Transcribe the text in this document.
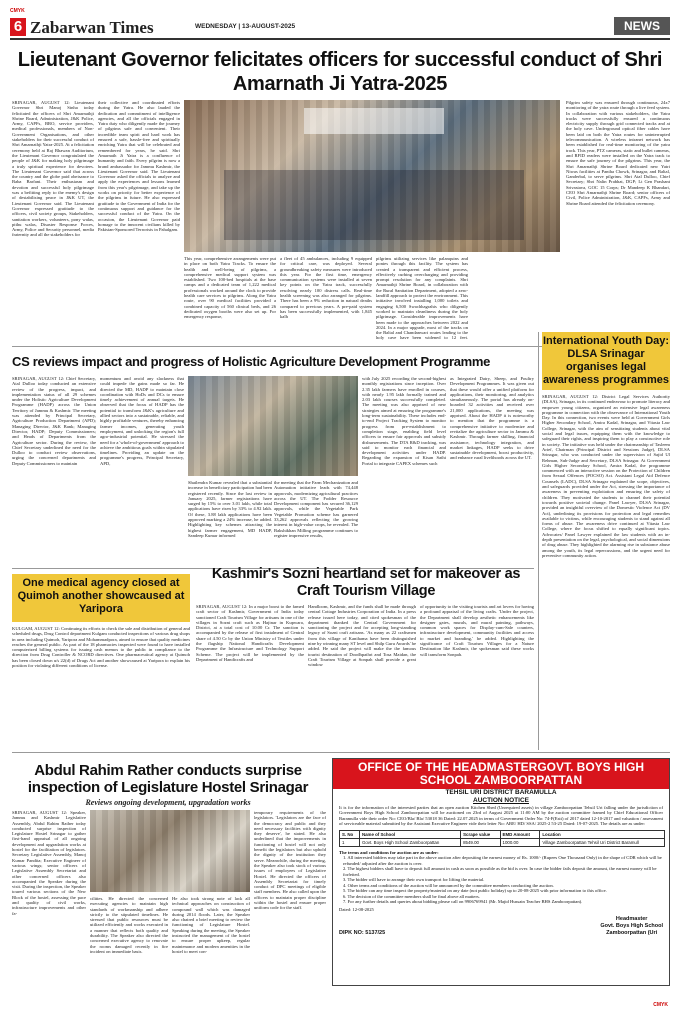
CMYK
6 Zabarwan Times	WEDNESDAY | 13-AUGUST-2025	NEWS
Lieutenant Governor felicitates officers for successful conduct of Shri Amarnath Ji Yatra-2025
SRINAGAR, AUGUST 12: Lieutenant Governor Shri Manoj Sinha today felicitated the officers of Shri Amarnathji Shrine Board, Administration, J&K Police, Army, CAPFs, BRO, service providers, medical professionals, members of Non-Government Organisations, and other stakeholders for their successful conduct of Shri Amarnathji Yatra-2025. At a felicitation ceremony held at Raj Bhawan Auditorium, the Lieutenant Governor congratulated the people of J&K for making holy pilgrimage a truly spiritual experience for devotees. The Lieutenant Governor said that across the country and the globe paid obeisance to Baba Barfani. Their enthusiasm and devotion and successful holy pilgrimage was a befitting reply to the enemy's design of destabilising peace in J&K UT, the Lieutenant Governor said. The Lieutenant Governor expressed gratitude to the officers, civil society groups, Stakeholders, sanitation workers, volunteers, pony walas, pithu walas, Disaster Response Forces, Army, Police and Security personnel, media fraternity and all the stakeholders for
their collective and coordinated efforts during the Yatra. He also lauded the dedication and commitment of intelligence agencies, and all the officials engaged in Yatra duty who diligently made the journey of pilgrims safe and convenient. Their incredible team spirit and hard work has ensured a safe, hassle-free and spiritually enriching Yatra that will be celebrated and remembered for years, he said. Shri Amarnath Ji Yatra is a confluence of humanity and faith. Every pilgrim is now a brand ambassador for Jammu Kashmir, the Lieutenant Governor said. The Lieutenant Governor asked the officials to analyze and apply the experiences and lessons learned from this year's pilgrimage, and take up the works on priority for better experience of the pilgrims in future. He also expressed gratitude to the Government of India for the continuous support and guidance for the successful conduct of the Yatra. On the occasion, the Lieutenant Governor paid homage to the innocent civilians killed by Pakistan-Sponsored Terrorists in Pahalgam.
This year, comprehensive arrangements were put in place on both Yatra Tracks. To ensure the health and well-being of pilgrims, a comprehensive medical support system was established. Two 100-bed hospitals at the base camps and a dedicated team of 1,222 medical professionals worked around the clock to provide health care services to pilgrims. Along the Yatra route, over 90 medical facilities provided a combined capacity of 560 clinical beds, and 26 dedicated oxygen booths were also set up. For emergency response,
a fleet of 45 ambulances, including 9 equipped for critical care, was deployed. Several groundbreaking safety measures were introduced this year. For the first time, emergency communication systems were installed at seven key points on the Yatra track, successfully resolving nearly 100 distress calls. Real-time health screening was also arranged for pilgrims. There has been a 9% reduction in natural deaths compared to previous years. A pre-paid system has been successfully implemented, with 1,845 kalh
pilgrims utilizing services like palanquins and ponies through this facility. The system has created a transparent and efficient process, effectively curbing overcharging and providing prompt resolution for any complaints. Shri Amarnathji Shrine Board, in collaboration with the Rural Sanitation Department, adopted a zero-landfill approach to protect the environment. This initiative involved installing 1,000 toilets and engaging 6,500 Swachhagrahis who diligently worked to maintain cleanliness during the holy pilgrimage. Considerable improvements have been made to the approaches between 2022 and 2024. In a major upgrade, most of the tracks on the Baltal and Chandanwari routes leading to the holy cave have been widened to 12 feet.
Pilgrim safety was ensured through continuous, 24x7 monitoring of the yatra route through a live feed system. In collaboration with various stakeholders, the Yatra tracks were successfully ensured a continuous electricity supply through grid connected tracks and at the holy cave. Underground optical fiber cables have been laid on both the Yatra routes for uninterrupted telecommunication. A wireless intranet network has been established for real-time monitoring of the yatra track. This year, PTZ cameras, static and bullet cameras, and RFID readers were installed on the Yatra track to ensure the safe journey of the pilgrims. This year, the Shri Amarnathji Shrine Board dedicated new Yatri Niwas facilities at Pantha Chowk, Srinagar, and Baltal, Ganderbal, to serve pilgrims. Shri Atal Dulloo, Chief Secretary; Shri Nalin Prabhat, DGP; Lt Gen Prashant Srivastava, GOC 15 Corps; Dr Mandeep K Bhandari, CEO Shri Amarnathji Shrine Board; senior officers of Civil, Police Administration, J&K, CAPFs, Army and Shrine Board attended the felicitation ceremony.
CS reviews impact and progress of Holistic Agriculture Development Programme
SRINAGAR, AUGUST 12: Chief Secretary, Atal Dulloo today conducted an extensive review of the progress, impact, and implementation status of all 29 schemes under the Holistic Agriculture Development Programme (HADP) across the Union Territory of Jammu & Kashmir. The meeting was attended by Principal Secretary, Agriculture Production Department (APD); Managing Director, J&K Bank; Managing Director, HADP; Deputy Commissioners; and Heads of Departments from the Agriculture sector. During the review, the Chief Secretary underlined the need for the Dulloo to conduct review observations, urging the concerned departments and Deputy Commissioners to maintain
momentum and avoid any slackness that could impede the gains made so far. He directed the MD, HADP to maintain close coordination with HoDs and DCs to ensure timely achievement of annual targets. He observed that the focus of HADP has the potential to transform J&K's agriculture and allied sectors into a sustainable, reliable, and highly profitable ventures, thereby enhancing farmer incomes, generating youth employment, and unlocking the region's full agro-industrial potential. He stressed the need for a 'whole-of-government' approach to achieve the ambitious goals within stipulated timelines. Providing an update on the programme's progress, Principal Secretary, APD,
Shailendra Kumar revealed that a substantial increase in beneficiary participation had been registered recently. Since the last review in January 2025, farmer registrations have surged by 15% to over 3.01 lakh, while total applications have risen by 33% to 4.92 lakh. Of these, 3.88 lakh applications have been approved marking a 24% increase, he added. Highlighting key schemes attracting the highest farmer engagement, MD HADP, Sandeep Kumar informed
the meeting that the Farm Mechanization and Automation initiative leads with 74,448 approvals, modernizing agricultural practices across the UT. The Fodder Resource Development component has secured 36,129 approvals, while the Vegetable Park Vegetable Promotion scheme has garnered 33,262 approvals reflecting the growing interest in high-value crops, he revealed. The Bakshikhan Milling programme continues to register impressive results,
with July 2025 recording the second-highest monthly registrations since inception. Over 2.35 lakh farmers have enrolled in courses, with nearly 1.95 lakh formally trained and 2.03 lakh courses successfully completed. The meeting was also apprised of new strategies aimed at ensuring the programme's long-term sustainability. These includes end-to-end Project Tracking System to monitor progress from pre-establishment to completion stage, enabling field level officers to ensure fair approvals and subsidy disbursements. The DTA R&D tracking, was said to monitor each financial and development activities under HADP. Regarding the expansion of Kisan Sathi Portal to integrate CAPEX schemes such
as Integrated Dairy, Sheep, and Poultry Development Programmes. It was given out that these would offer a unified platform for applications, their monitoring, and analytics simultaneously. The portal has already on-boarded 32 activities and received over 21,000 applications, the meeting was apprised. About the HADP it is noteworthy to mention that the programme is a comprehensive initiative to modernize and revitalize the agriculture sector in Jammu & Kashmir. Through farmer skilling, financial assistance, technology integration, and market linkages, HADP seeks to drive sustainable development, boost productivity, and enhance rural livelihoods across the UT.
International Youth Day: DLSA Srinagar organises legal awareness programmes
SRINAGAR, AUGUST 12: District Legal Services Authority (DLSA), Srinagar, in its continued endeavour to promote literacy and empower young citizens, organized an extensive legal awareness programme in connection with the observance of International Youth Day. In this connection, two events were held at Government Girls Higher Secondary School, Amira Kadal, Srinagar, and Vitasta Law College, Srinagar, with the aim of sensitizing students about vital social and legal issues, equipping them with the knowledge to safeguard their rights, and inspiring them to play a constructive role in society. The initiative was held under the chairmanship of Tasleem Arief, Chairman (Principal District and Sessions Judge), DLSA Srinagar, who was conducted under the supervision of Sajid Ul Rehman, Sub-Judge and Secretary, DLSA Srinagar. At Government Girls Higher Secondary School, Amira Kadal, the programme commenced with an interactive session on the Protection of Children from Sexual Offences (POCSO) Act. Assistant Legal Aid Defence Counsels (LADC), DLSA Srinagar explained the scope, objectives, and safeguards provided under the Act, stressing the importance of awareness in preventing exploitation and ensuring the safety of children. They motivated the students to channel their potential towards positive societal change. Panel Lawyer, DLSA Srinagar, provided an insightful overview of the Domestic Violence Act (DV Act), underlining its provisions for protection and legal remedies available to victims, while encouraging students to stand against all forms of abuse. The awareness drive continued at Vitasta Law College, where the focus shifted to equally significant topics. Advocates/ Panel Lawyer explained the law students with an in-depth presentation on the legal, psychological, and social dimensions of drug abuse. They highlighted the alarming rise in substance abuse among the youth, its legal repercussions, and the urgent need for preventive community action.
One medical agency closed at Quimoh another showcaused at Yaripora
KULGAM, AUGUST 12: Continuing its efforts to check the sale and distribution of general and scheduled drugs, Drug Control department Kulgam conducted inspections of various drug shops in area including Quimoh, Yaripora and Mohammadpora, aimed to ensure that quality medicines reaches the general public. As part of the 18 pharmacies inspected were found to have installed computerized billing systems for issuing cash memos to the public in compliance to the direction from Drug Controller & NCORD directives. One pharmaceutical agency at Quimoh has been closed down u/s 22(d) of Drugs Act and another showcaused at Yaripora to explain his position for violating different conditions of license.
Kashmir's Sozni heartland set for makeover as Craft Tourism Village
SRINAGAR, AUGUST 12: In a major boost to the famed craft sector of Kashmir, Government of India today sanctioned Craft Tourism Village for artisans in one of the villages in Sozni craft such as Hajinar in Kupwara, District, at a total cost of 10.00 Cr. The sanction is accompanied by the release of first instalment of Central share of 4.50 Cr by the Union Ministry of Textiles under the flagship National Handicrafts Development Programme the Infrastructure and Technology Support Scheme. The project will be implemented by the Department of Handicrafts and
Handloom, Kashmir, and the funds shall be made through central Cottage Industries Corporation of India. In a press release issued here today, and cited spokesman of the department thanked the Central Government for sanctioning the project and for accepting long-standing legacy of Sozni craft artisans. 'As many as 22 craftsmen from this village of Kanihama have been distinguished nine by winning many ST level and Shilp Guru Awards' he added. He said the project will make the the famous tourist destination of Doodhpathri and Tosa Maidan, the Craft Tourism Village at Sonpah shall provide a great window
of opportunity to the visiting tourists and art lovers for having a profound appraisal of the living crafts. 'Under the project, the Department shall develop aesthetic enhancements like designer gates, murals, and mural painting, pathways, common work spaces for Display-cum-Sale counters, infrastructure development, community facilities and access to market and branding,' he added. Highlighting the significance of Craft Tourism Villages for a Nature Destination like Kashmir, the spokesman said these works will transform Sonpah.
Abdul Rahim Rather conducts surprise inspection of Legislature Hostel Srinagar
Reviews ongoing development, upgradation works
SRINAGAR, AUGUST 12: Speaker, Jammu and Kashmir Legislative Assembly, Abdul Rahim Rather today conducted surprise inspection of Legislature Hostel Srinagar to gather first-hand appraisal of all ongoing development and upgradation works at hostel for the facilitation of legislators. Secretary Legislative Assembly, Manoj Kumar Pandita; Executive Engineer of various wings; senior officers of Legislative Assembly Secretariat and other concerned officers also accompanied the Speaker during the visit. During the inspection, the Speaker toured various sections of the New Block of the hostel, assessing the pace and quality of civil works, infrastructure improvements and other fa-
cilities. He directed the concerned executing agencies to maintain high standards of workmanship and adhere strictly to the stipulated timelines. He stressed that public resources must be utilized efficiently and works executed in a manner that reflects both quality and durability. The Speaker also directed the concerned executive agency to renovate the rooms damaged recently in fire incident on immediate basis.
He also took strong note of lack all technical approaches on construction of compound wall which was damaged during 2014 floods. Later, the Speaker also chaired a brief meeting to review the functioning of Legislature Hostel. Speaking during the meeting, the Speaker instructed the management of the hostel to ensure proper upkeep, regular maintenance and modern amenities in the hostel to meet con-
temporary requirements of the legislators. 'Legislators are the face of the democracy and public and they need necessary facilities with dignity they deserve', he stated. He also underlined that the improvements in functioning of hostel will not only benefit the legislators but also uphold the dignity of the institution they serve. Meanwhile, during the meeting, the Speaker also took stock of various issues of employees of Legislative Hostel. He directed the officers of Assembly Secretariat for timely conduct of DPC meetings of eligible staff members. He also called upon the officers to maintain proper discipline within the hostel and ensure proper uniform code for the staff.
OFFICE OF THE HEADMASTERGOVT. BOYS HIGH SCHOOL ZAMBOORPATTAN
TEHSIL URI DISTRICT BARAMULLA
AUCTION NOTICE
It is for the information of the interested parties that an open auction Kitchen Shed (Unrequired assets) in village Zamboorpattan Tehsil Uri falling under the jurisdiction of Government Boys High School Zamboorpattan will be auctioned on 23rd of August 2025 at 11:00 AM by the auction committee framed by Chief Educational Officer Baramulla vide their order No: CEO/Bla/ Bla/ 53018 36 Dated: 22.07.2025 in terms of Government Order No: 74-F(Estt) of 2017 dated 12-10-2017 and valuation / assessment of serviceable material submitted by the Assistant Executive Engineer vide their letter No: ABE/ HD/ SSA/ 2025-2 53-25 Dated: 19-07-2025. The details are as under:
S. No	Name of School	Scrape value	EMD Amount	Location
1	Govt. Boys High School Zamboorpattan	8549.00	1000.00	Village Zamboorpattan Tehsil Uri District Baramull
The terms and conditions for auction are as under:
1. All interested bidders may take part in the above auction after depositing the earnest money of Rs. 1000/- (Rupees One Thousand Only) in the shape of CDR which will be refunded/ adjusted after the auction is over.
2. The highest bidders shall have to deposit full amount in cash as soon as possible as the bid is over. In case the bidder fails deposit the amount, the earnest money will be forfeited.
3. The bidder will have to arrange their own transport for lifting the material.
4. Other terms and conditions of the auction will be announced by the committee members conducting the auction.
5. The bidder can any time inspect the property/material on any date (not public holiday) up to 20-08-2025 with prior information to this office.
6. The decision of the committee members shall be final above all matters.
7. For any further details and queries about bidding please call on 9906769941 (Mr. Majid Hussain Teacher BHS Zamboorpattan).
Dated: 12-08-2025
DIPK NO: 5137/25
Headmaster
Govt. Boys High School
Zamboorpattan (Uri
CMYK
